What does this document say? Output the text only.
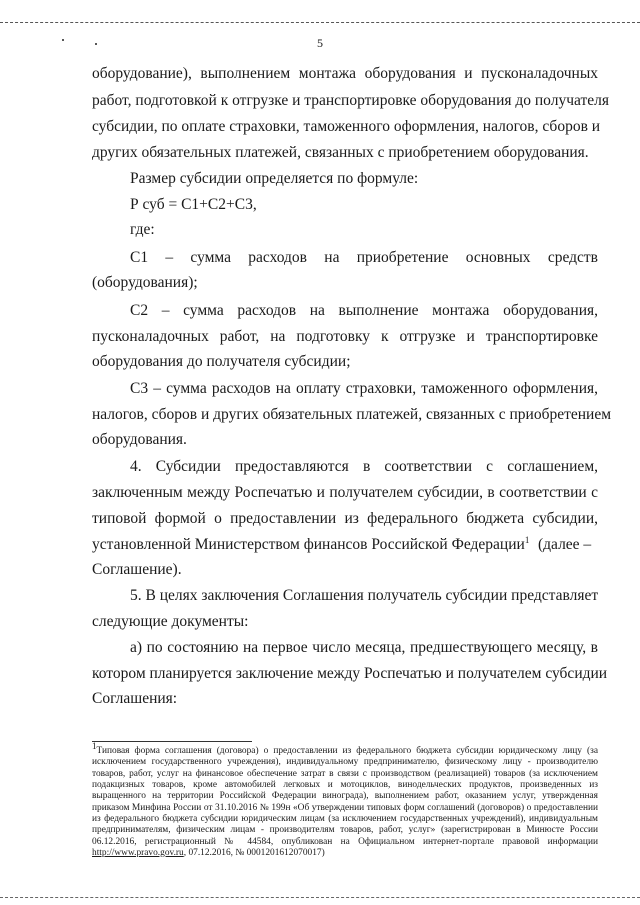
5
оборудование), выполнением монтажа оборудования и пусконаладочных
работ, подготовкой к отгрузке и транспортировке оборудования до получателя
субсидии, по оплате страховки, таможенного оформления, налогов, сборов и
других обязательных платежей, связанных с приобретением оборудования.
Размер субсидии определяется по формуле:
Р суб = С1+С2+С3,
где:
С1 – сумма расходов на приобретение основных средств
(оборудования);
С2 – сумма расходов на выполнение монтажа оборудования,
пусконаладочных работ, на подготовку к отгрузке и транспортировке
оборудования до получателя субсидии;
С3 – сумма расходов на оплату страховки, таможенного оформления,
налогов, сборов и других обязательных платежей, связанных с приобретением
оборудования.
4. Субсидии предоставляются в соответствии с соглашением,
заключенным между Роспечатью и получателем субсидии, в соответствии с
типовой формой о предоставлении из федерального бюджета субсидии,
установленной Министерством финансов Российской Федерации$^1$ (далее –
Соглашение).
5. В целях заключения Соглашения получатель субсидии представляет
следующие документы:
а) по состоянию на первое число месяца, предшествующего месяцу, в
котором планируется заключение между Роспечатью и получателем субсидии
Соглашения:
$^1$Типовая форма соглашения (договора) о предоставлении из федерального бюджета субсидии юридическому лицу (за исключением государственного учреждения), индивидуальному предпринимателю, физическому лицу - производителю товаров, работ, услуг на финансовое обеспечение затрат в связи с производством (реализацией) товаров (за исключением подакцизных товаров, кроме автомобилей легковых и мотоциклов, винодельческих продуктов, произведенных из выращенного на территории Российской Федерации винограда), выполнением работ, оказанием услуг, утвержденная приказом Минфина России от 31.10.2016 № 199н «Об утверждении типовых форм соглашений (договоров) о предоставлении из федерального бюджета субсидии юридическим лицам (за исключением государственных учреждений), индивидуальным предпринимателям, физическим лицам - производителям товаров, работ, услуг» (зарегистрирован в Минюсте России 06.12.2016, регистрационный № 44584, опубликован на Официальном интернет-портале правовой информации http://www.pravo.gov.ru, 07.12.2016, № 0001201612070017)
